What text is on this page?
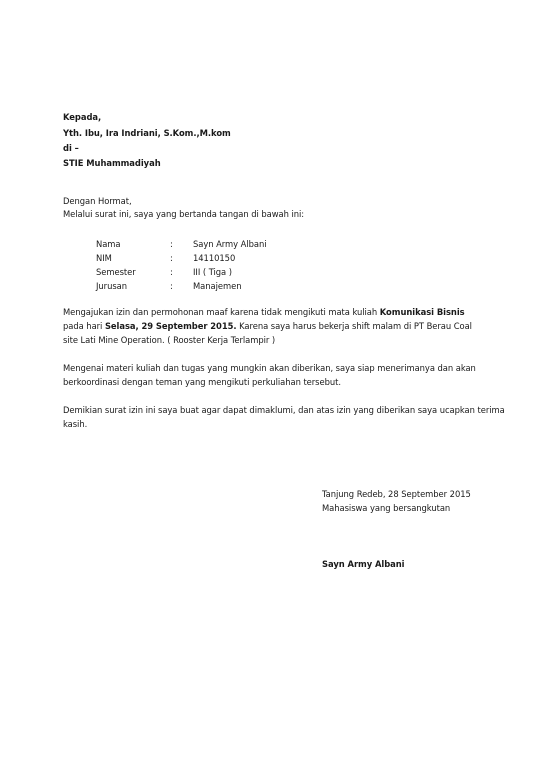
Kepada,
Yth. Ibu, Ira Indriani, S.Kom.,M.kom
di –
STIE Muhammadiyah
Dengan Hormat,
Melalui surat ini, saya yang bertanda tangan di bawah ini:
Nama	: Sayn Army Albani
NIM	: 14110150
Semester	: III ( Tiga )
Jurusan	: Manajemen
Mengajukan izin dan permohonan maaf karena tidak mengikuti mata kuliah Komunikasi Bisnis
pada hari Selasa, 29 September 2015. Karena saya harus bekerja shift malam di PT Berau Coal
site Lati Mine Operation. ( Rooster Kerja Terlampir )
Mengenai materi kuliah dan tugas yang mungkin akan diberikan, saya siap menerimanya dan akan
berkoordinasi dengan teman yang mengikuti perkuliahan tersebut.
Demikian surat izin ini saya buat agar dapat dimaklumi, dan atas izin yang diberikan saya ucapkan terima
kasih.
Tanjung Redeb, 28 September 2015
Mahasiswa yang bersangkutan
Sayn Army Albani
